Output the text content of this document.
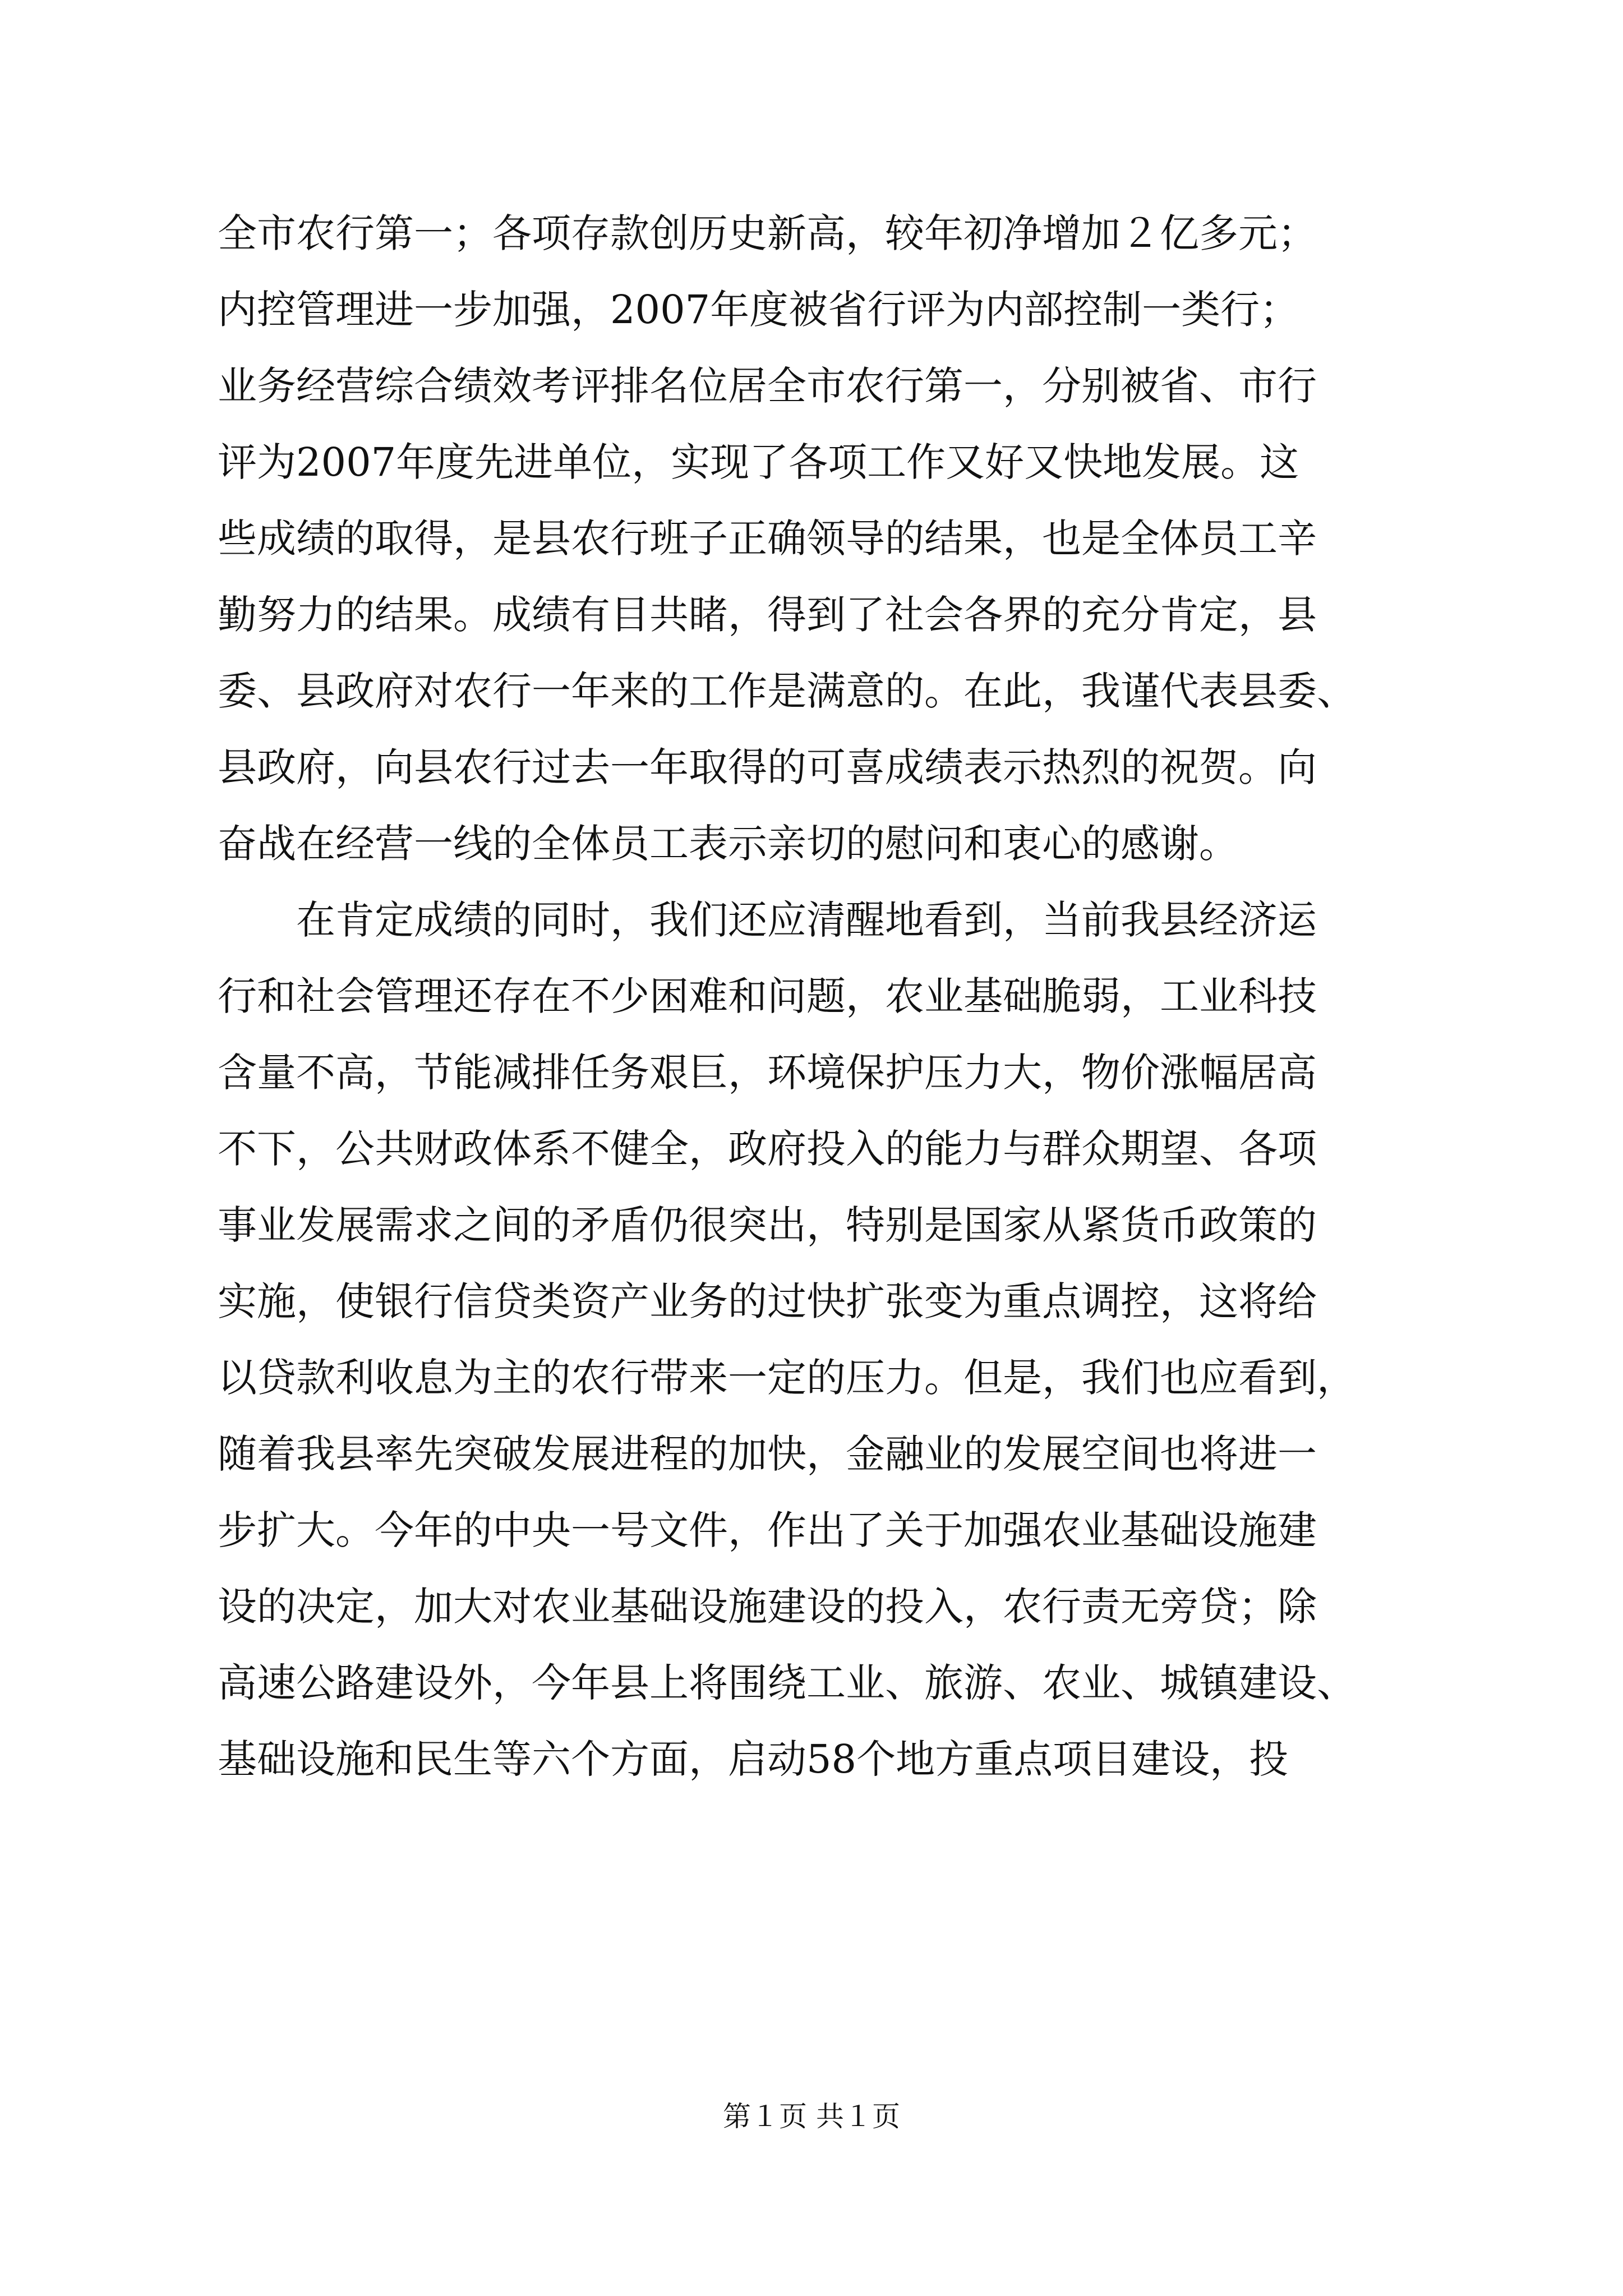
全市农行第一；各项存款创历史新高，较年初净增加２亿多元；
内控管理进一步加强，2007年度被省行评为内部控制一类行；
业务经营综合绩效考评排名位居全市农行第一，分别被省、市行
评为2007年度先进单位，实现了各项工作又好又快地发展。这
些成绩的取得，是县农行班子正确领导的结果，也是全体员工辛
勤努力的结果。成绩有目共睹，得到了社会各界的充分肯定，县
委、县政府对农行一年来的工作是满意的。在此，我谨代表县委、
县政府，向县农行过去一年取得的可喜成绩表示热烈的祝贺。向
奋战在经营一线的全体员工表示亲切的慰问和衷心的感谢。
　　在肯定成绩的同时，我们还应清醒地看到，当前我县经济运
行和社会管理还存在不少困难和问题，农业基础脆弱，工业科技
含量不高，节能减排任务艰巨，环境保护压力大，物价涨幅居高
不下，公共财政体系不健全，政府投入的能力与群众期望、各项
事业发展需求之间的矛盾仍很突出，特别是国家从紧货币政策的
实施，使银行信贷类资产业务的过快扩张变为重点调控，这将给
以贷款利收息为主的农行带来一定的压力。但是，我们也应看到，
随着我县率先突破发展进程的加快，金融业的发展空间也将进一
步扩大。今年的中央一号文件，作出了关于加强农业基础设施建
设的决定，加大对农业基础设施建设的投入，农行责无旁贷；除
高速公路建设外，今年县上将围绕工业、旅游、农业、城镇建设、
基础设施和民生等六个方面，启动58个地方重点项目建设，投
第１页 共１页
